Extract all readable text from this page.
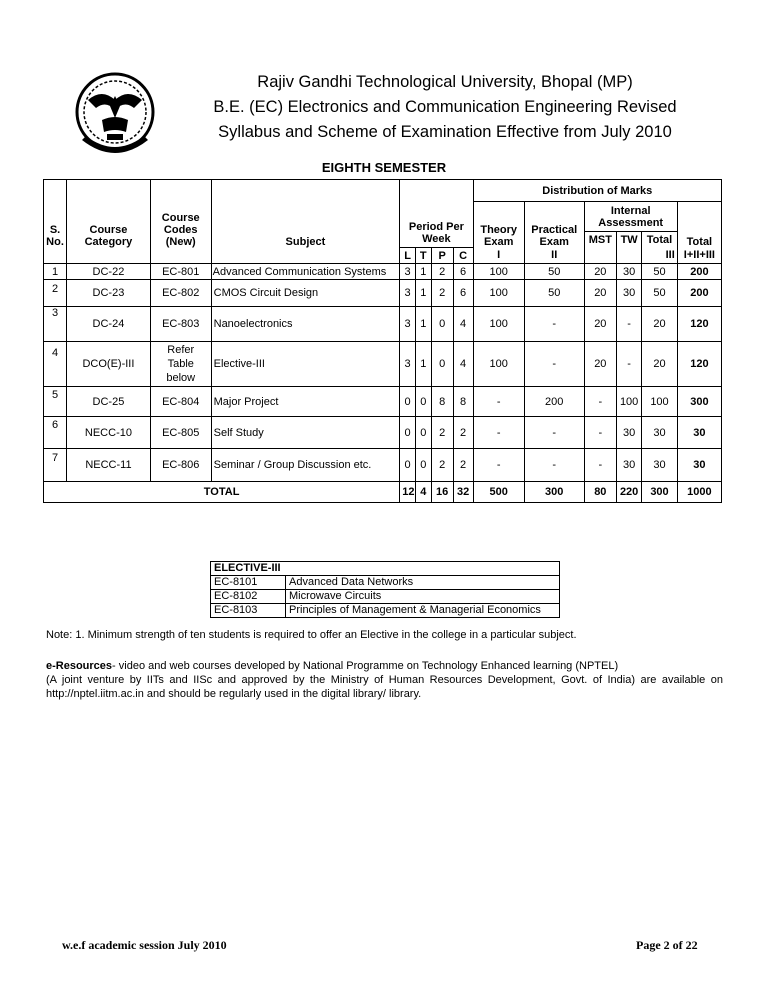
Rajiv Gandhi Technological University, Bhopal (MP)
B.E. (EC) Electronics and Communication Engineering Revised
Syllabus and Scheme of Examination Effective from July 2010
EIGHTH SEMESTER
S. No.	Course Category	Course Codes (New)	Subject	Period Per Week				Distribution of Marks					
								Theory Exam	Practical Exam	Internal Assessment			Total
										MST	TW	Total	
				L	T	P	C	I	II			III	I+II+III
1	DC-22	EC-801	Advanced Communication Systems	3	1	2	6	100	50	20	30	50	200
2	DC-23	EC-802	CMOS Circuit Design	3	1	2	6	100	50	20	30	50	200
3	DC-24	EC-803	Nanoelectronics	3	1	0	4	100	-	20	-	20	120
4	DCO(E)-III	Refer Table below	Elective-III	3	1	0	4	100	-	20	-	20	120
5	DC-25	EC-804	Major Project	0	0	8	8	-	200	-	100	100	300
6	NECC-10	EC-805	Self Study	0	0	2	2	-	-	-	30	30	30
7	NECC-11	EC-806	Seminar / Group Discussion etc.	0	0	2	2	-	-	-	30	30	30
TOTAL				12	4	16	32	500	300	80	220	300	1000
ELECTIVE-III	
EC-8101	Advanced Data Networks
EC-8102	Microwave Circuits
EC-8103	Principles of Management & Managerial Economics
Note: 1. Minimum strength of ten students is required to offer an Elective in the college in a particular subject.
e-Resources- video and web courses developed by National Programme on Technology Enhanced learning (NPTEL)
(A joint venture by IITs and IISc and approved by the Ministry of Human Resources Development, Govt. of India) are available on http://nptel.iitm.ac.in and should be regularly used in the digital library/ library.
w.e.f academic session July 2010	Page 2 of 22
